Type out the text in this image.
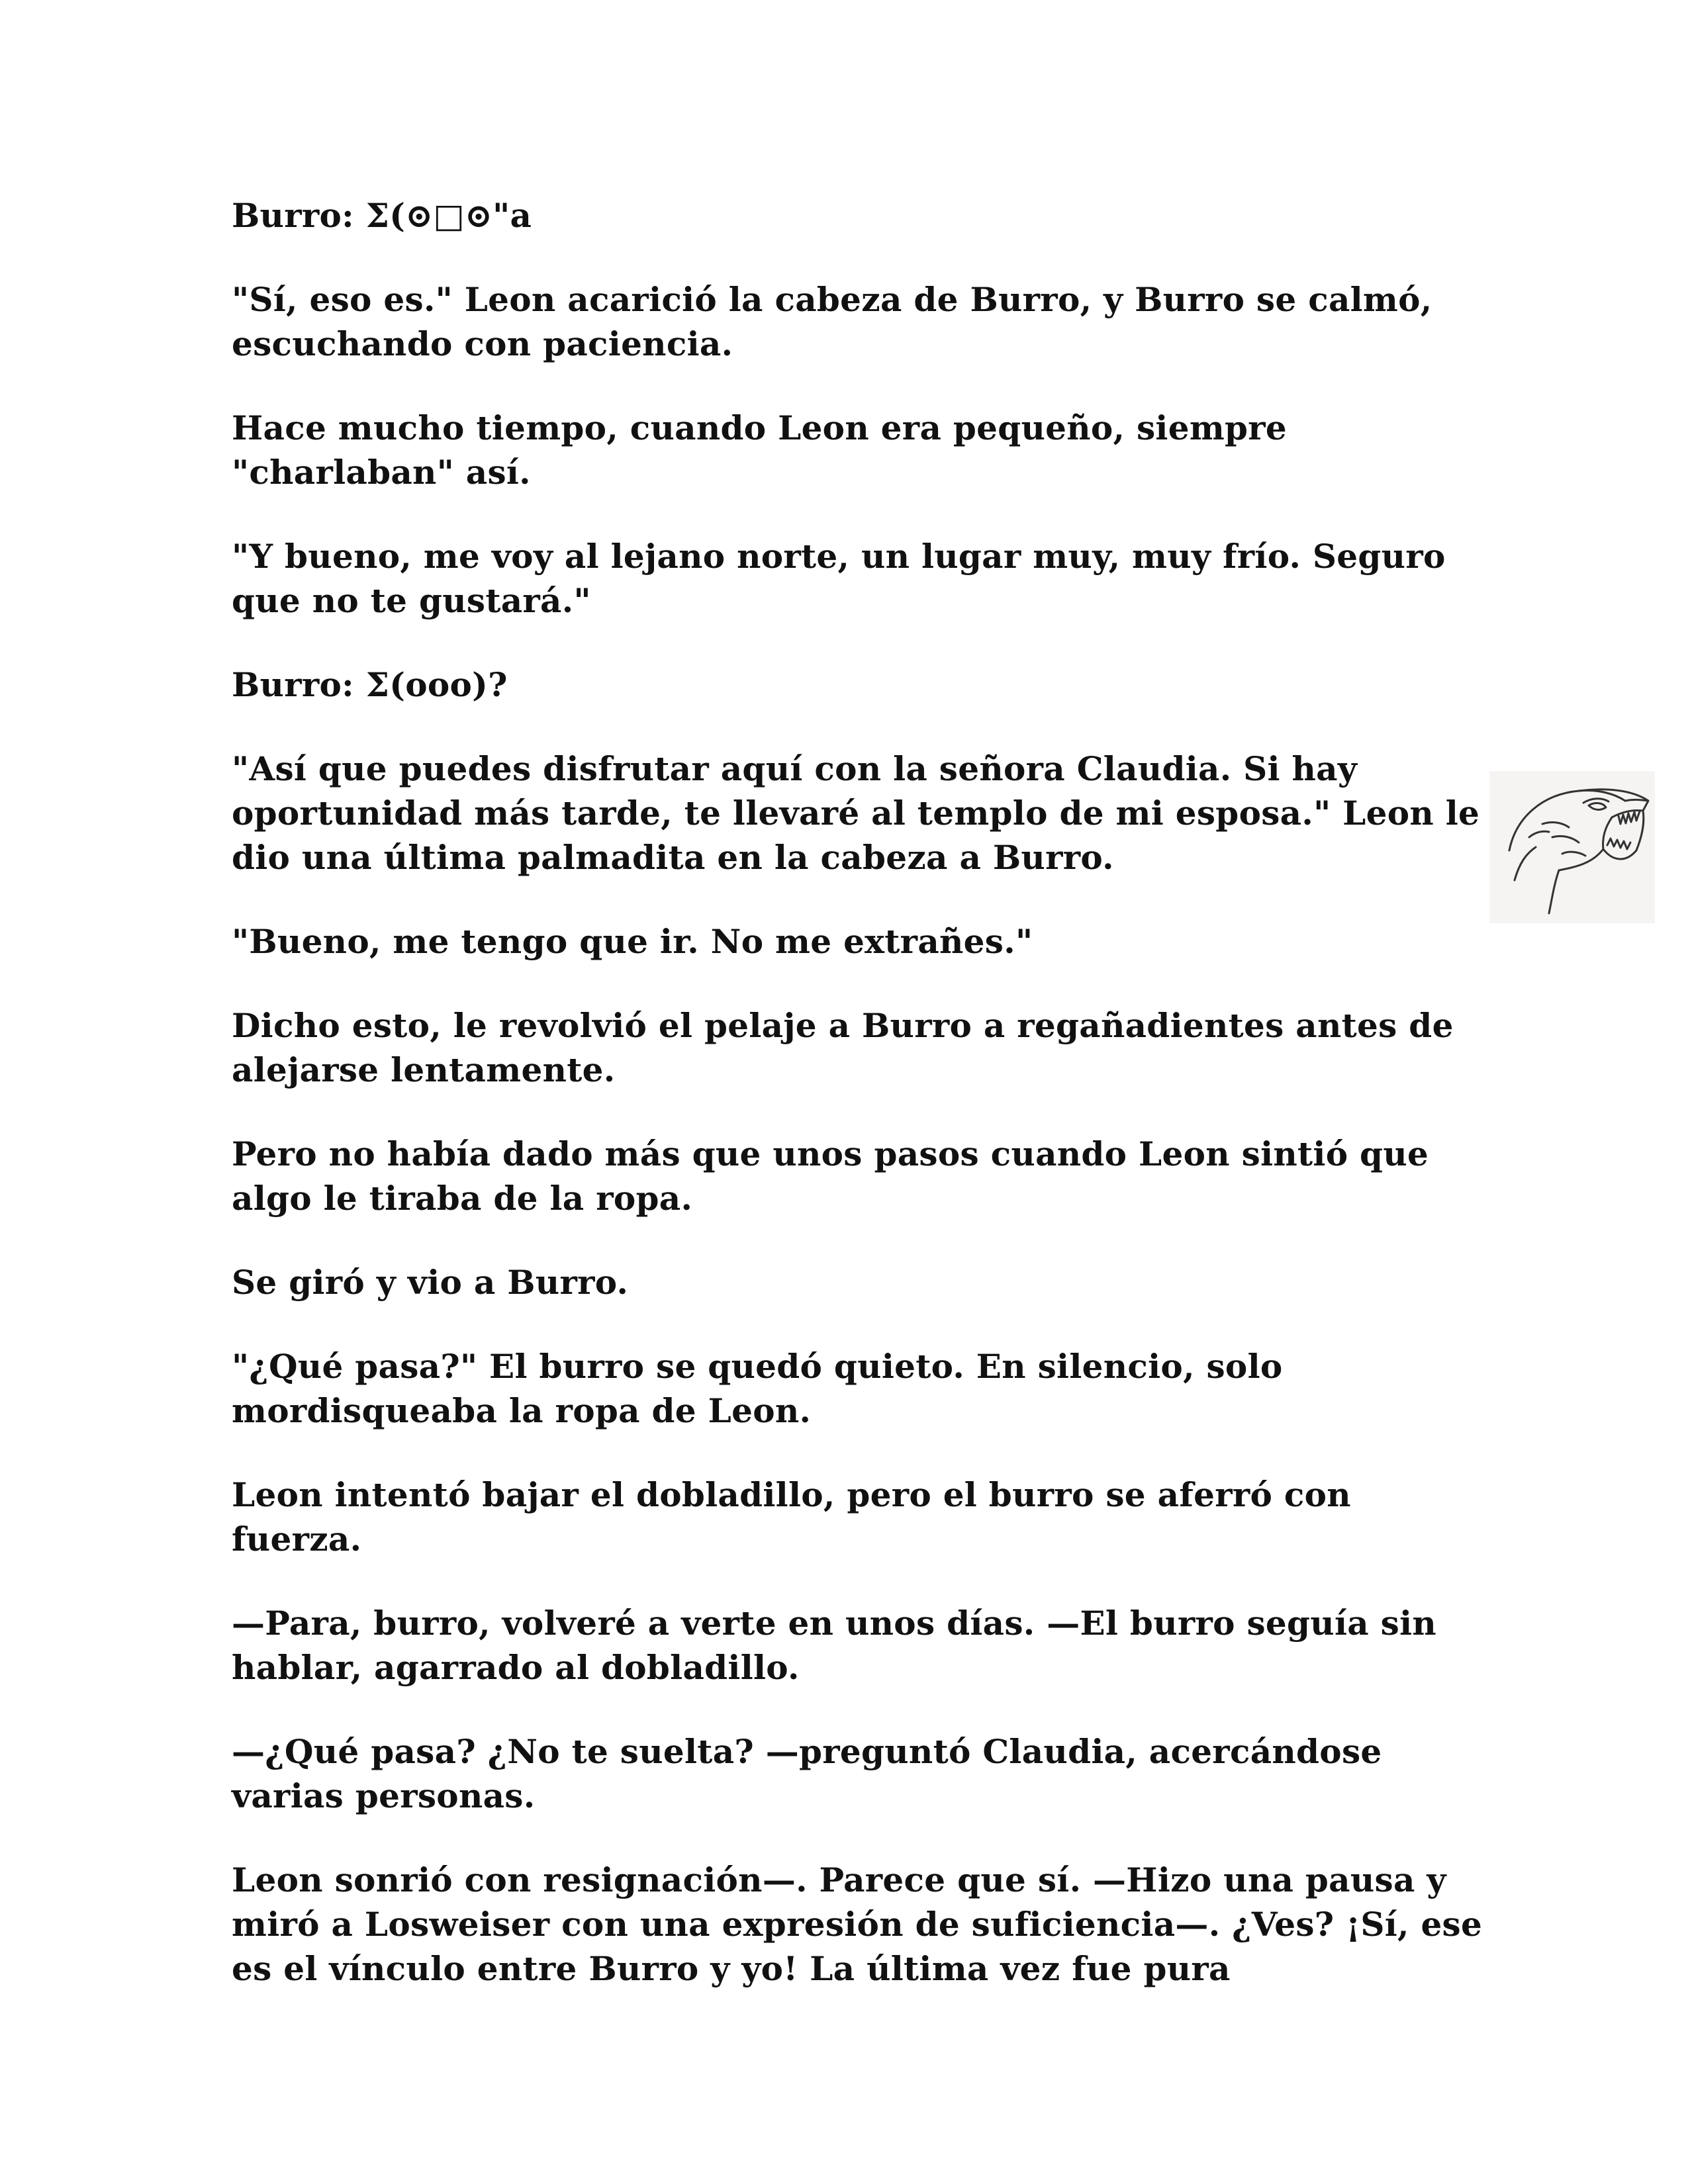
Burro: Σ(⊙□⊙"a

"Sí, eso es." Leon acarició la cabeza de Burro, y Burro se calmó, escuchando con paciencia.

Hace mucho tiempo, cuando Leon era pequeño, siempre "charlaban" así.

"Y bueno, me voy al lejano norte, un lugar muy, muy frío. Seguro que no te gustará."

Burro: Σ(ooo)?

"Así que puedes disfrutar aquí con la señora Claudia. Si hay oportunidad más tarde, te llevaré al templo de mi esposa." Leon le dio una última palmadita en la cabeza a Burro.

"Bueno, me tengo que ir. No me extrañes."

Dicho esto, le revolvió el pelaje a Burro a regañadientes antes de alejarse lentamente.

Pero no había dado más que unos pasos cuando Leon sintió que algo le tiraba de la ropa.

Se giró y vio a Burro.

"¿Qué pasa?" El burro se quedó quieto. En silencio, solo mordisqueaba la ropa de Leon.

Leon intentó bajar el dobladillo, pero el burro se aferró con fuerza.

—Para, burro, volveré a verte en unos días. —El burro seguía sin hablar, agarrado al dobladillo.

—¿Qué pasa? ¿No te suelta? —preguntó Claudia, acercándose varias personas.

Leon sonrió con resignación—. Parece que sí. —Hizo una pausa y miró a Losweiser con una expresión de suficiencia—. ¿Ves? ¡Sí, ese es el vínculo entre Burro y yo! La última vez fue pura
